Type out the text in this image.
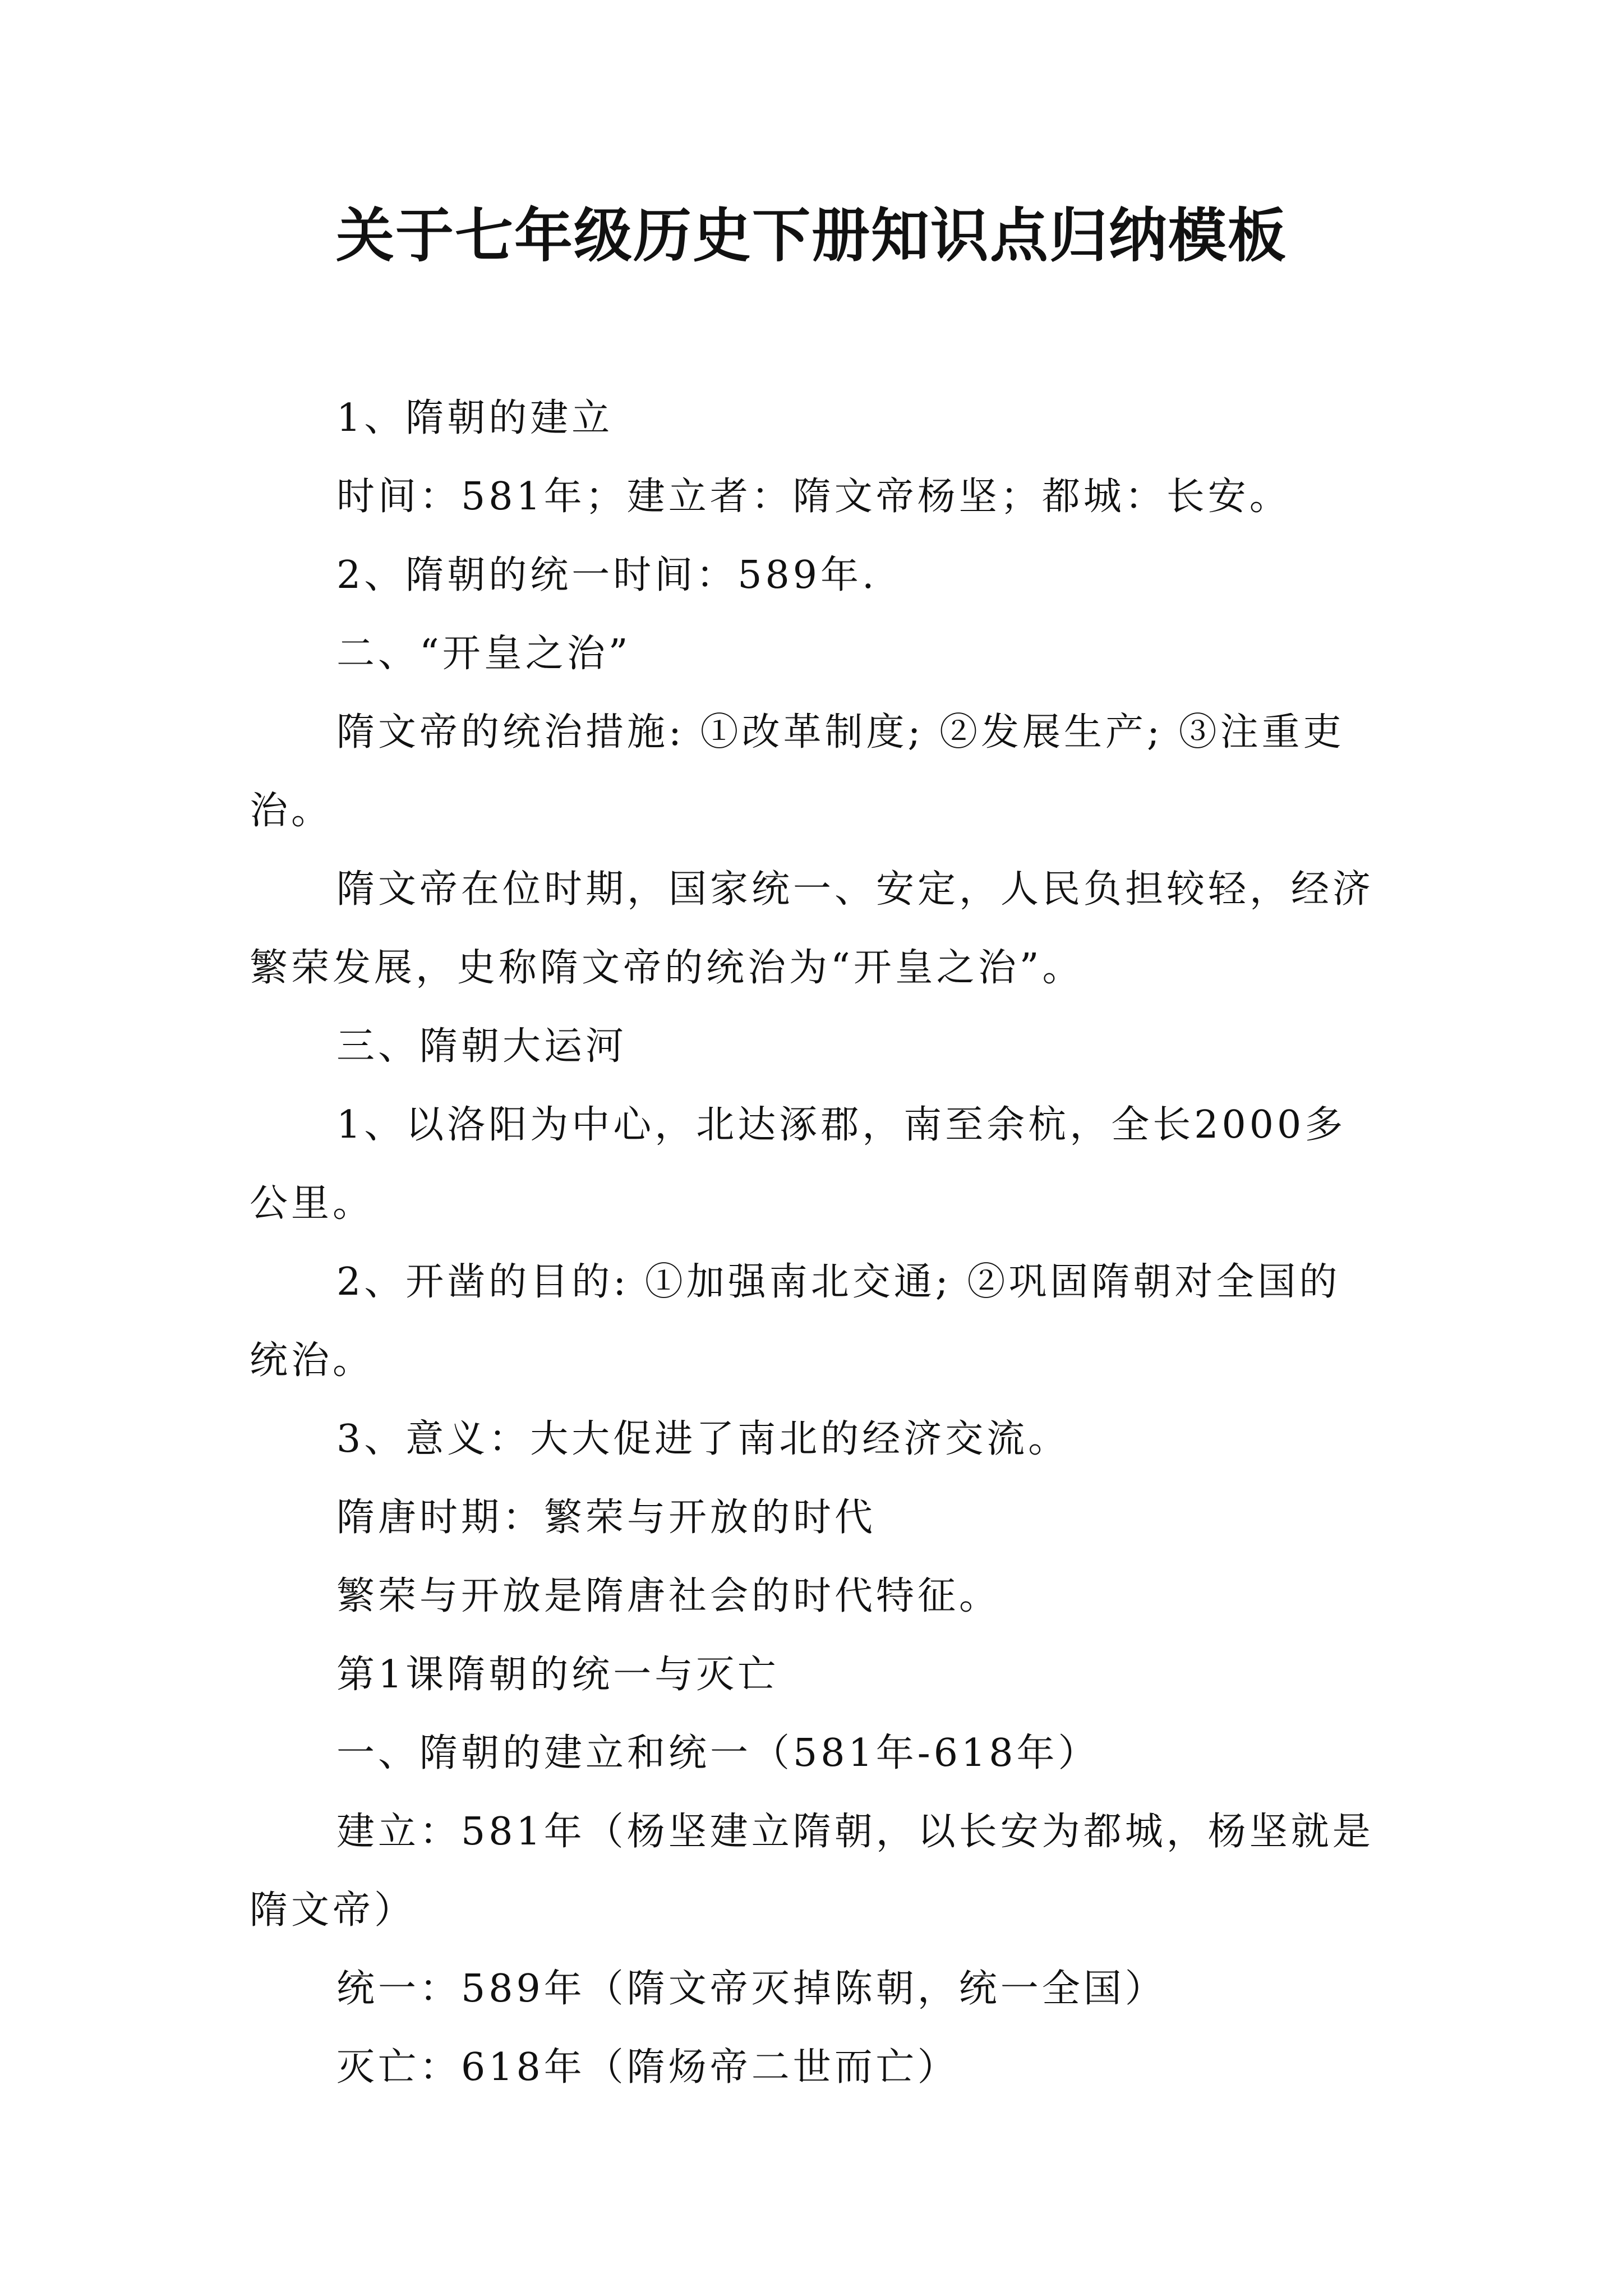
关于七年级历史下册知识点归纳模板

1、隋朝的建立

时间：581年；建立者：隋文帝杨坚；都城：长安。

2、隋朝的统一时间：589年.

二、“开皇之治”

隋文帝的统治措施: ①改革制度; ②发展生产; ③注重吏治。

隋文帝在位时期，国家统一、安定，人民负担较轻，经济繁荣发展，史称隋文帝的统治为“开皇之治”。

三、隋朝大运河

1、以洛阳为中心，北达涿郡，南至余杭，全长2000多公里。

2、开凿的目的: ①加强南北交通; ②巩固隋朝对全国的统治。

3、意义：大大促进了南北的经济交流。

隋唐时期：繁荣与开放的时代

繁荣与开放是隋唐社会的时代特征。

第1课隋朝的统一与灭亡

一、隋朝的建立和统一（581年-618年）

建立：581年（杨坚建立隋朝，以长安为都城，杨坚就是隋文帝）

统一：589年（隋文帝灭掉陈朝，统一全国）

灭亡：618年（隋炀帝二世而亡）
